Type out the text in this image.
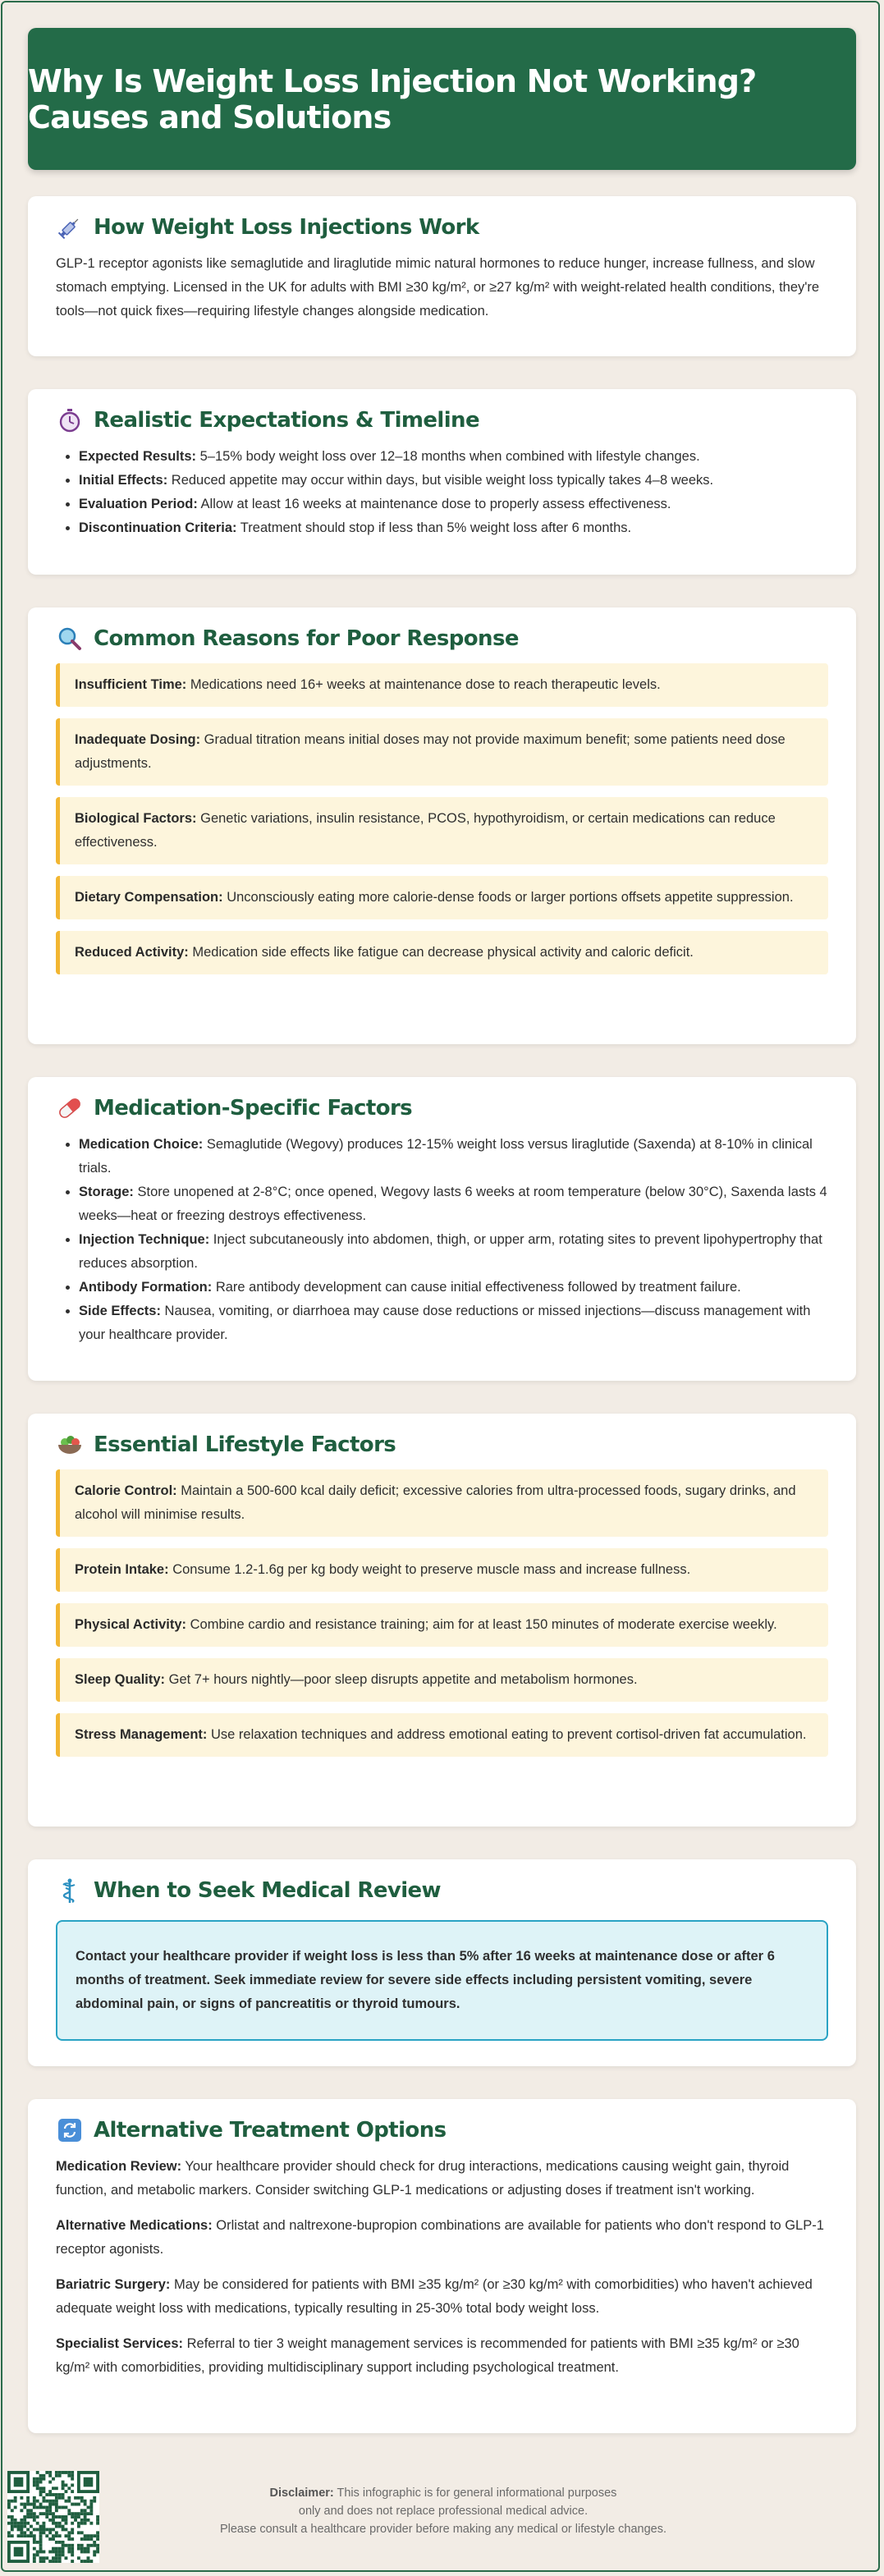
Why Is Weight Loss Injection Not Working? Causes and Solutions
How Weight Loss Injections Work

GLP-1 receptor agonists like semaglutide and liraglutide mimic natural hormones to reduce hunger, increase fullness, and slow stomach emptying. Licensed in the UK for adults with BMI ≥30 kg/m², or ≥27 kg/m² with weight-related health conditions, they're tools—not quick fixes—requiring lifestyle changes alongside medication.

Realistic Expectations & Timeline
• Expected Results: 5–15% body weight loss over 12–18 months when combined with lifestyle changes.
• Initial Effects: Reduced appetite may occur within days, but visible weight loss typically takes 4–8 weeks.
• Evaluation Period: Allow at least 16 weeks at maintenance dose to properly assess effectiveness.
• Discontinuation Criteria: Treatment should stop if less than 5% weight loss after 6 months.
Common Reasons for Poor Response
Insufficient Time: Medications need 16+ weeks at maintenance dose to reach therapeutic levels.
Inadequate Dosing: Gradual titration means initial doses may not provide maximum benefit; some patients need dose adjustments.
Biological Factors: Genetic variations, insulin resistance, PCOS, hypothyroidism, or certain medications can reduce effectiveness.
Dietary Compensation: Unconsciously eating more calorie-dense foods or larger portions offsets appetite suppression.
Reduced Activity: Medication side effects like fatigue can decrease physical activity and caloric deficit.
Medication-Specific Factors
• Medication Choice: Semaglutide (Wegovy) produces 12-15% weight loss versus liraglutide (Saxenda) at 8-10% in clinical trials.
• Storage: Store unopened at 2-8°C; once opened, Wegovy lasts 6 weeks at room temperature (below 30°C), Saxenda lasts 4 weeks—heat or freezing destroys effectiveness.
• Injection Technique: Inject subcutaneously into abdomen, thigh, or upper arm, rotating sites to prevent lipohypertrophy that reduces absorption.
• Antibody Formation: Rare antibody development can cause initial effectiveness followed by treatment failure.
• Side Effects: Nausea, vomiting, or diarrhoea may cause dose reductions or missed injections—discuss management with your healthcare provider.
Essential Lifestyle Factors
Calorie Control: Maintain a 500-600 kcal daily deficit; excessive calories from ultra-processed foods, sugary drinks, and alcohol will minimise results.
Protein Intake: Consume 1.2-1.6g per kg body weight to preserve muscle mass and increase fullness.
Physical Activity: Combine cardio and resistance training; aim for at least 150 minutes of moderate exercise weekly.
Sleep Quality: Get 7+ hours nightly—poor sleep disrupts appetite and metabolism hormones.
Stress Management: Use relaxation techniques and address emotional eating to prevent cortisol-driven fat accumulation.
When to Seek Medical Review
Contact your healthcare provider if weight loss is less than 5% after 16 weeks at maintenance dose or after 6 months of treatment. Seek immediate review for severe side effects including persistent vomiting, severe abdominal pain, or signs of pancreatitis or thyroid tumours.
Alternative Treatment Options
Medication Review: Your healthcare provider should check for drug interactions, medications causing weight gain, thyroid function, and metabolic markers. Consider switching GLP-1 medications or adjusting doses if treatment isn't working.
Alternative Medications: Orlistat and naltrexone-bupropion combinations are available for patients who don't respond to GLP-1 receptor agonists.
Bariatric Surgery: May be considered for patients with BMI ≥35 kg/m² (or ≥30 kg/m² with comorbidities) who haven't achieved adequate weight loss with medications, typically resulting in 25-30% total body weight loss.
Specialist Services: Referral to tier 3 weight management services is recommended for patients with BMI ≥35 kg/m² or ≥30 kg/m² with comorbidities, providing multidisciplinary support including psychological treatment.
Disclaimer: This infographic is for general informational purposes
only and does not replace professional medical advice.
Please consult a healthcare provider before making any medical or lifestyle changes.
